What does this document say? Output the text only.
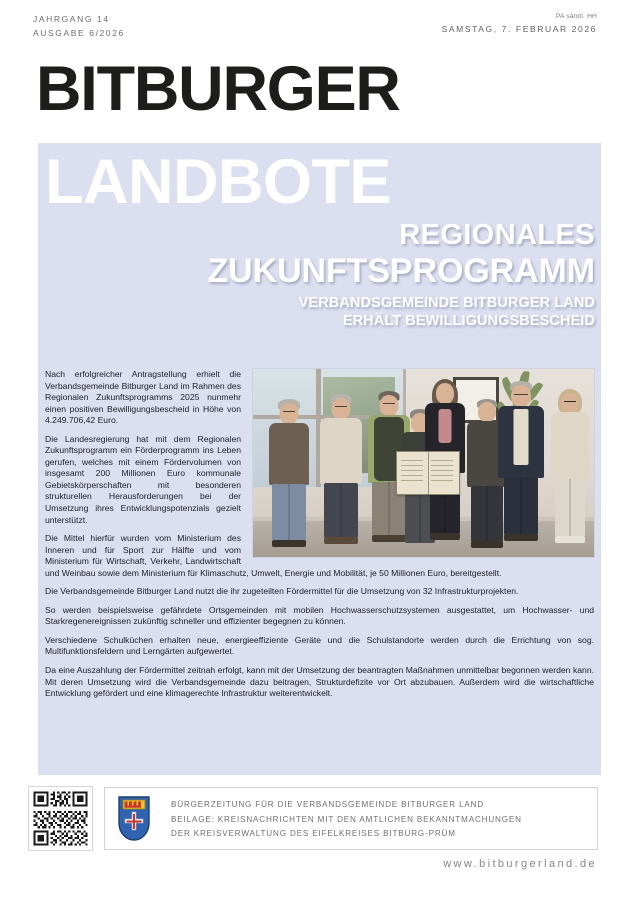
JAHRGANG 14
AUSGABE 6/2026
PA sämtl. HH
SAMSTAG, 7. FEBRUAR 2026
BITBURGER
LANDBOTE
REGIONALES
ZUKUNFTSPROGRAMM
VERBANDSGEMEINDE BITBURGER LAND
ERHÄLT BEWILLIGUNGSBESCHEID

Nach erfolgreicher Antragstellung erhielt die Verbandsgemeinde Bitburger Land im Rahmen des Regionalen Zukunftsprogramms 2025 nunmehr einen positiven Bewilligungsbescheid in Höhe von 4.249.706,42 Euro.

Die Landesregierung hat mit dem Regionalen Zukunftsprogramm ein Förderprogramm ins Leben gerufen, welches mit einem Fördervolumen von insgesamt 200 Millionen Euro kommunale Gebietskörperschaften mit besonderen strukturellen Herausforderungen bei der Umsetzung ihres Entwicklungspotenzials gezielt unterstützt.

Die Mittel hierfür wurden vom Ministerium des Inneren und für Sport zur Hälfte und vom Ministerium für Wirtschaft, Verkehr, Landwirtschaft und Weinbau sowie dem Ministerium für Klimaschutz, Umwelt, Energie und Mobilität, je 50 Millionen Euro, bereitgestellt.

Die Verbandsgemeinde Bitburger Land nutzt die ihr zugeteilten Fördermittel für die Umsetzung von 32 Infrastrukturprojekten.

So werden beispielsweise gefährdete Ortsgemeinden mit mobilen Hochwasserschutzsystemen ausgestattet, um Hochwasser- und Starkregenereignissen zukünftig schneller und effizienter begegnen zu können.

Verschiedene Schulküchen erhalten neue, energieeffiziente Geräte und die Schulstandorte werden durch die Errichtung von sog. Multifunktionsfeldern und Lerngärten aufgewertet.

Da eine Auszahlung der Fördermittel zeitnah erfolgt, kann mit der Umsetzung der beantragten Maßnahmen unmittelbar begonnen werden kann. Mit deren Umsetzung wird die Verbandsgemeinde dazu beitragen, Strukturdefizite vor Ort abzubauen. Außerdem wird die wirtschaftliche Entwicklung gefördert und eine klimagerechte Infrastruktur weiterentwickelt.

BÜRGERZEITUNG FÜR DIE VERBANDSGEMEINDE BITBURGER LAND
BEILAGE: KREISNACHRICHTEN MIT DEN AMTLICHEN BEKANNTMACHUNGEN
DER KREISVERWALTUNG DES EIFELKREISES BITBURG-PRÜM
www.bitburgerland.de
